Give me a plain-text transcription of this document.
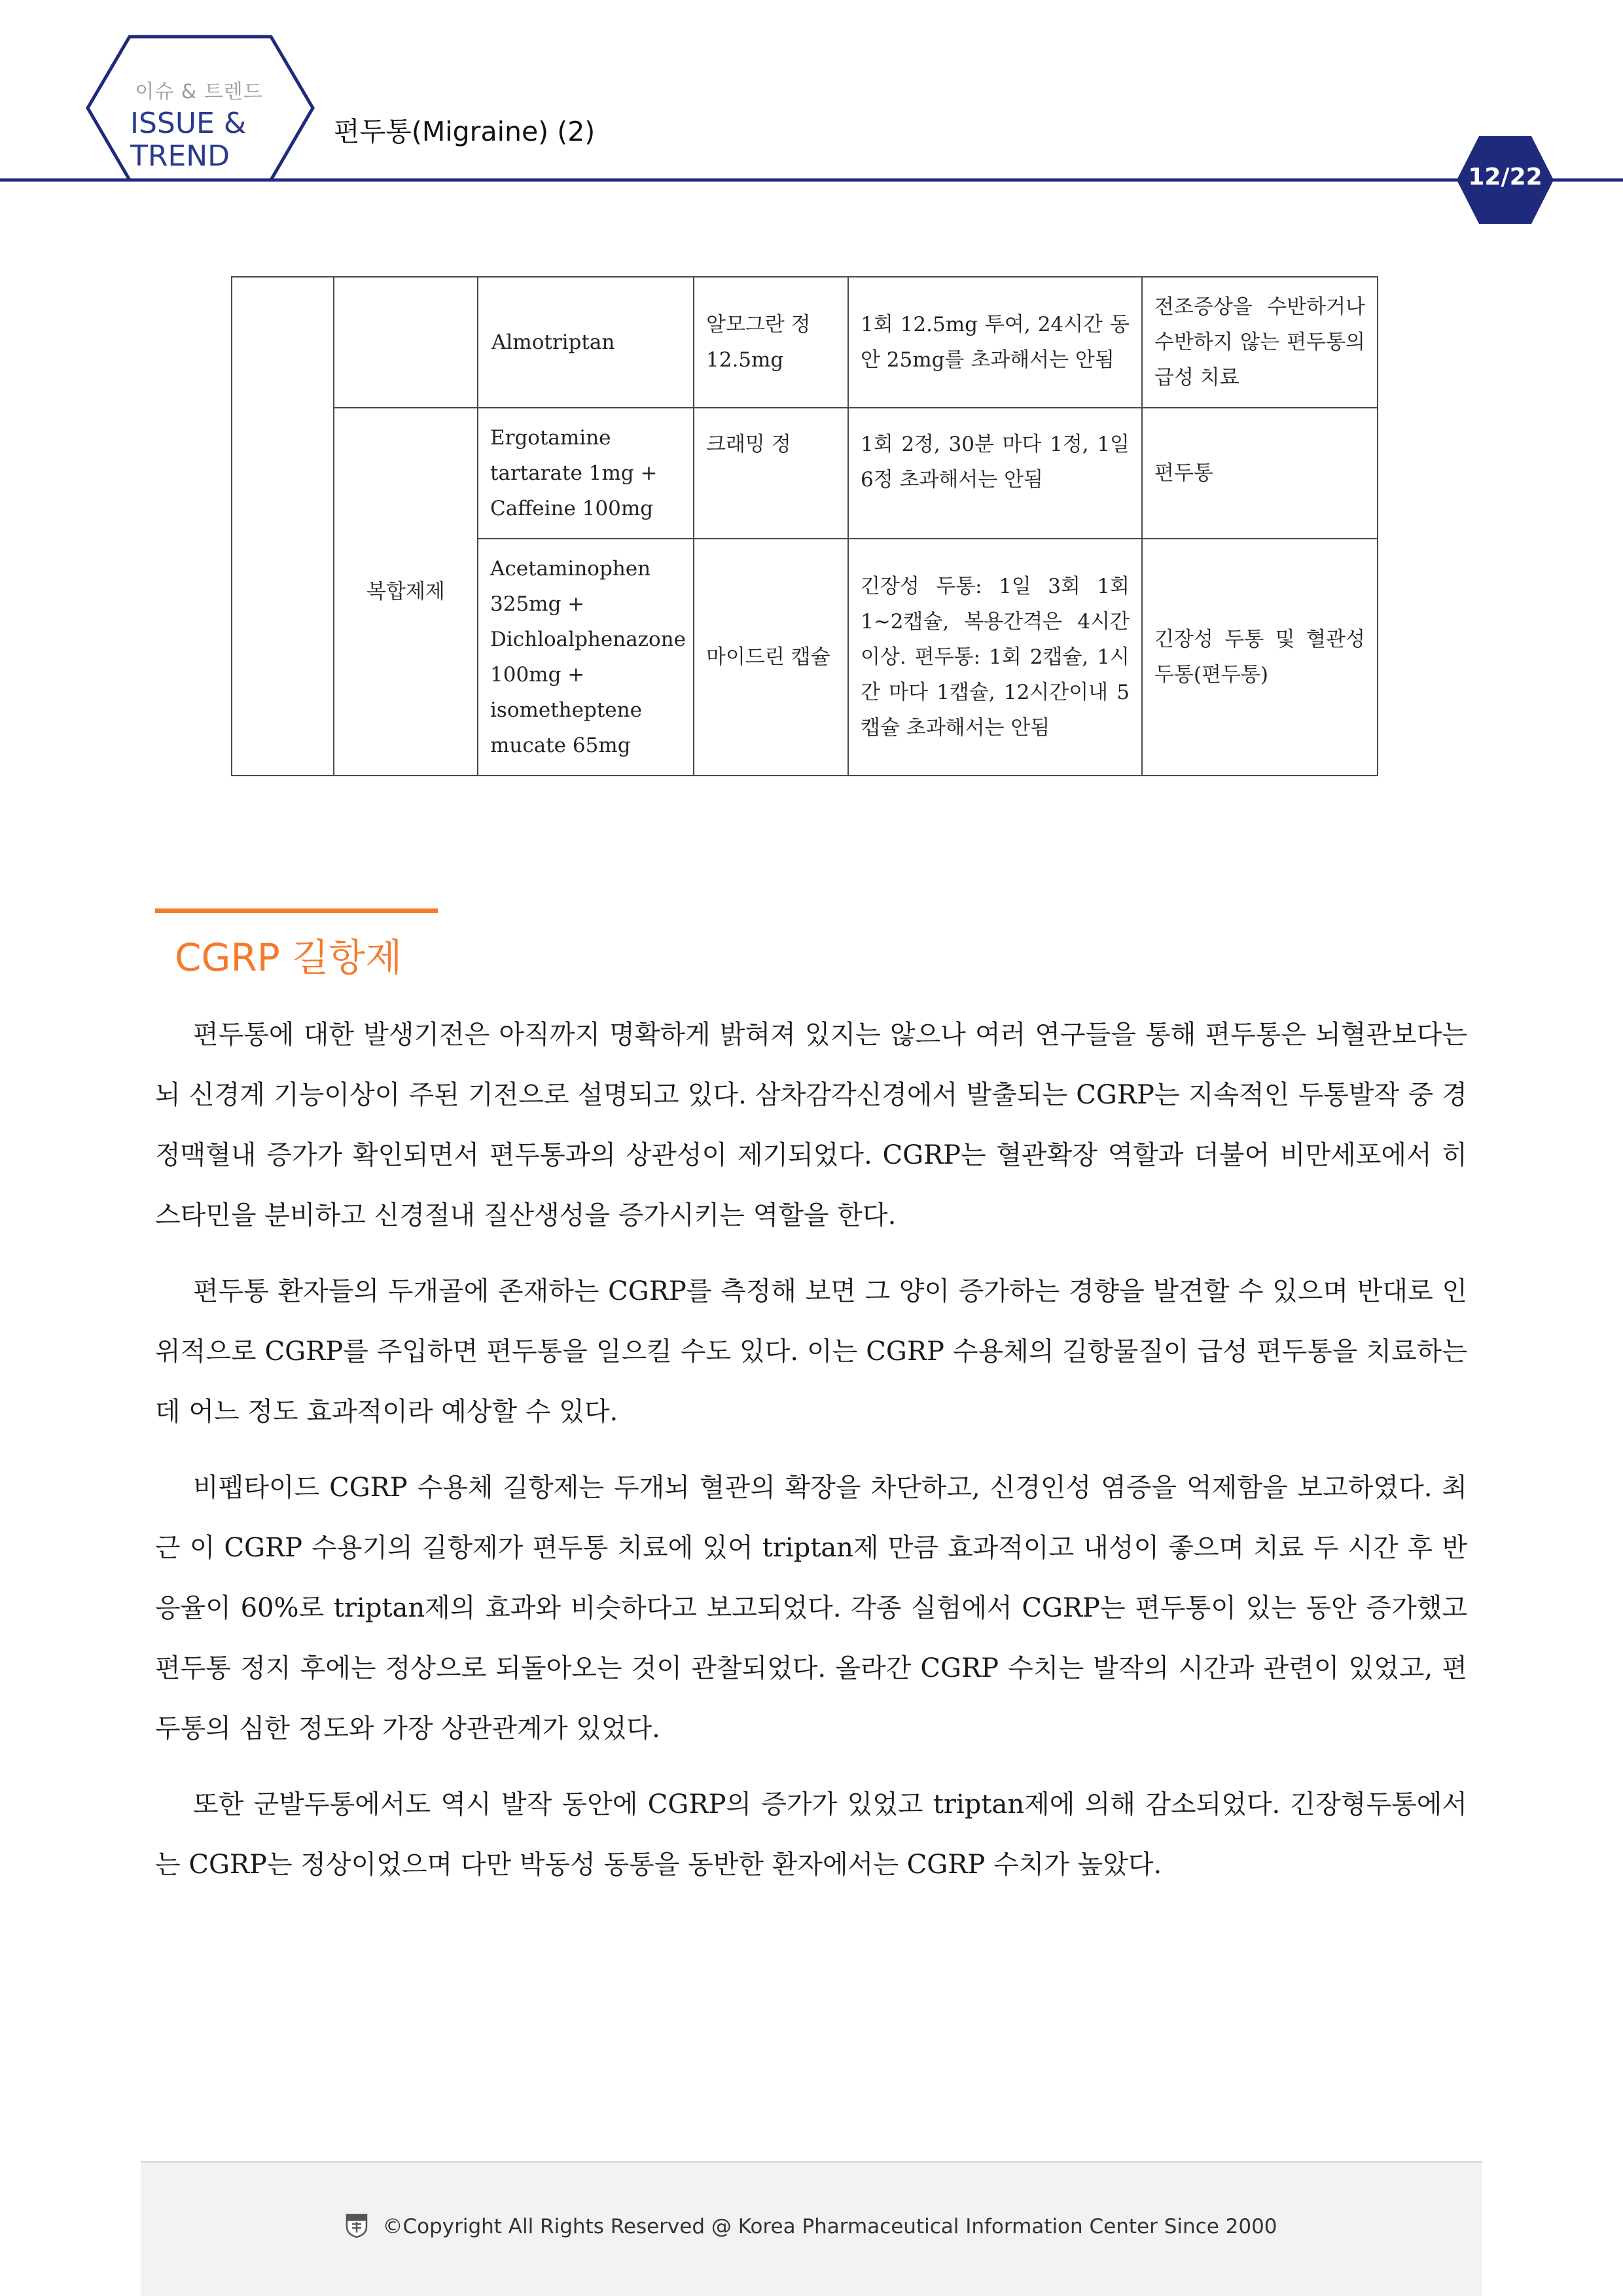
이슈 & 트렌드
ISSUE &
TREND
편두통(Migraine) (2)
12/22
		Almotriptan	알모그란 정 12.5mg	1회 12.5mg 투여, 24시간 동안 25mg를 초과해서는 안됨	전조증상을 수반하거나 수반하지 않는 편두통의 급성 치료
	복합제제	Ergotamine tartarate 1mg + Caffeine 100mg	크래밍 정	1회 2정, 30분 마다 1정, 1일 6정 초과해서는 안됨	편두통
		Acetaminophen 325mg + Dichloalphenazone 100mg + isometheptene mucate 65mg	마이드린 캡슐	긴장성 두통: 1일 3회 1회 1~2캡슐, 복용간격은 4시간 이상. 편두통: 1회 2캡슐, 1시간 마다 1캡슐, 12시간이내 5캡슐 초과해서는 안됨	긴장성 두통 및 혈관성 두통(편두통)
CGRP 길항제

편두통에 대한 발생기전은 아직까지 명확하게 밝혀져 있지는 않으나 여러 연구들을 통해 편두통은 뇌혈관보다는 뇌 신경계 기능이상이 주된 기전으로 설명되고 있다. 삼차감각신경에서 발출되는 CGRP는 지속적인 두통발작 중 경정맥혈내 증가가 확인되면서 편두통과의 상관성이 제기되었다. CGRP는 혈관확장 역할과 더불어 비만세포에서 히스타민을 분비하고 신경절내 질산생성을 증가시키는 역할을 한다.

편두통 환자들의 두개골에 존재하는 CGRP를 측정해 보면 그 양이 증가하는 경향을 발견할 수 있으며 반대로 인위적으로 CGRP를 주입하면 편두통을 일으킬 수도 있다. 이는 CGRP 수용체의 길항물질이 급성 편두통을 치료하는데 어느 정도 효과적이라 예상할 수 있다.

비펩타이드 CGRP 수용체 길항제는 두개뇌 혈관의 확장을 차단하고, 신경인성 염증을 억제함을 보고하였다. 최근 이 CGRP 수용기의 길항제가 편두통 치료에 있어 triptan제 만큼 효과적이고 내성이 좋으며 치료 두 시간 후 반응율이 60%로 triptan제의 효과와 비슷하다고 보고되었다. 각종 실험에서 CGRP는 편두통이 있는 동안 증가했고 편두통 정지 후에는 정상으로 되돌아오는 것이 관찰되었다. 올라간 CGRP 수치는 발작의 시간과 관련이 있었고, 편두통의 심한 정도와 가장 상관관계가 있었다.

또한 군발두통에서도 역시 발작 동안에 CGRP의 증가가 있었고 triptan제에 의해 감소되었다. 긴장형두통에서는 CGRP는 정상이었으며 다만 박동성 동통을 동반한 환자에서는 CGRP 수치가 높았다.

©Copyright All Rights Reserved @ Korea Pharmaceutical Information Center Since 2000
